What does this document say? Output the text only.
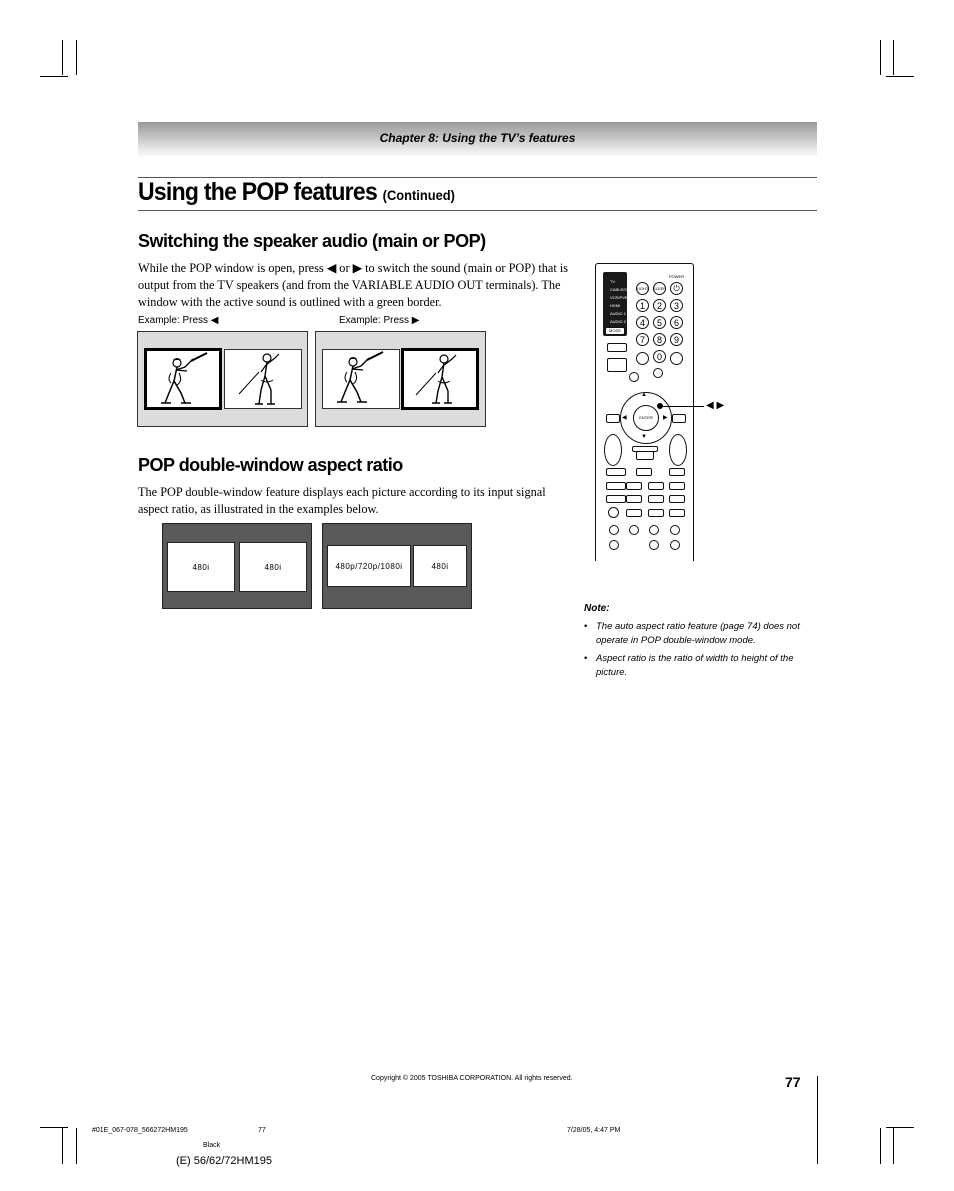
Chapter 8: Using the TV’s features
Using the POP features (Continued)
Switching the speaker audio (main or POP)
While the POP window is open, press ◀ or ▶ to switch the sound (main or POP) that is output from the TV speakers (and from the VARIABLE AUDIO OUT terminals). The window with the active sound is outlined with a green border.
Example: Press ◀	Example: Press ▶
POP double-window aspect ratio
The POP double-window feature displays each picture according to its input signal aspect ratio, as illustrated in the examples below.
480i	480i	480p/720p/1080i	480i
TV
CABLE/SAT
VCR/PVR
HDMI
AUDIO 1
AUDIO 2
MODE
POWER
LIGHT SLEEP ⏻
1	2	3
4	5	6
7	8	9
0
ENTER
▲
▼
◀	▶
◀ ▶
Note:
• The auto aspect ratio feature (page 74) does not operate in POP double-window mode.
• Aspect ratio is the ratio of width to height of the picture.
Copyright © 2005 TOSHIBA CORPORATION. All rights reserved.	77
#01E_067-078_566272HM195	77	7/28/05, 4:47 PM
Black
(E) 56/62/72HM195
